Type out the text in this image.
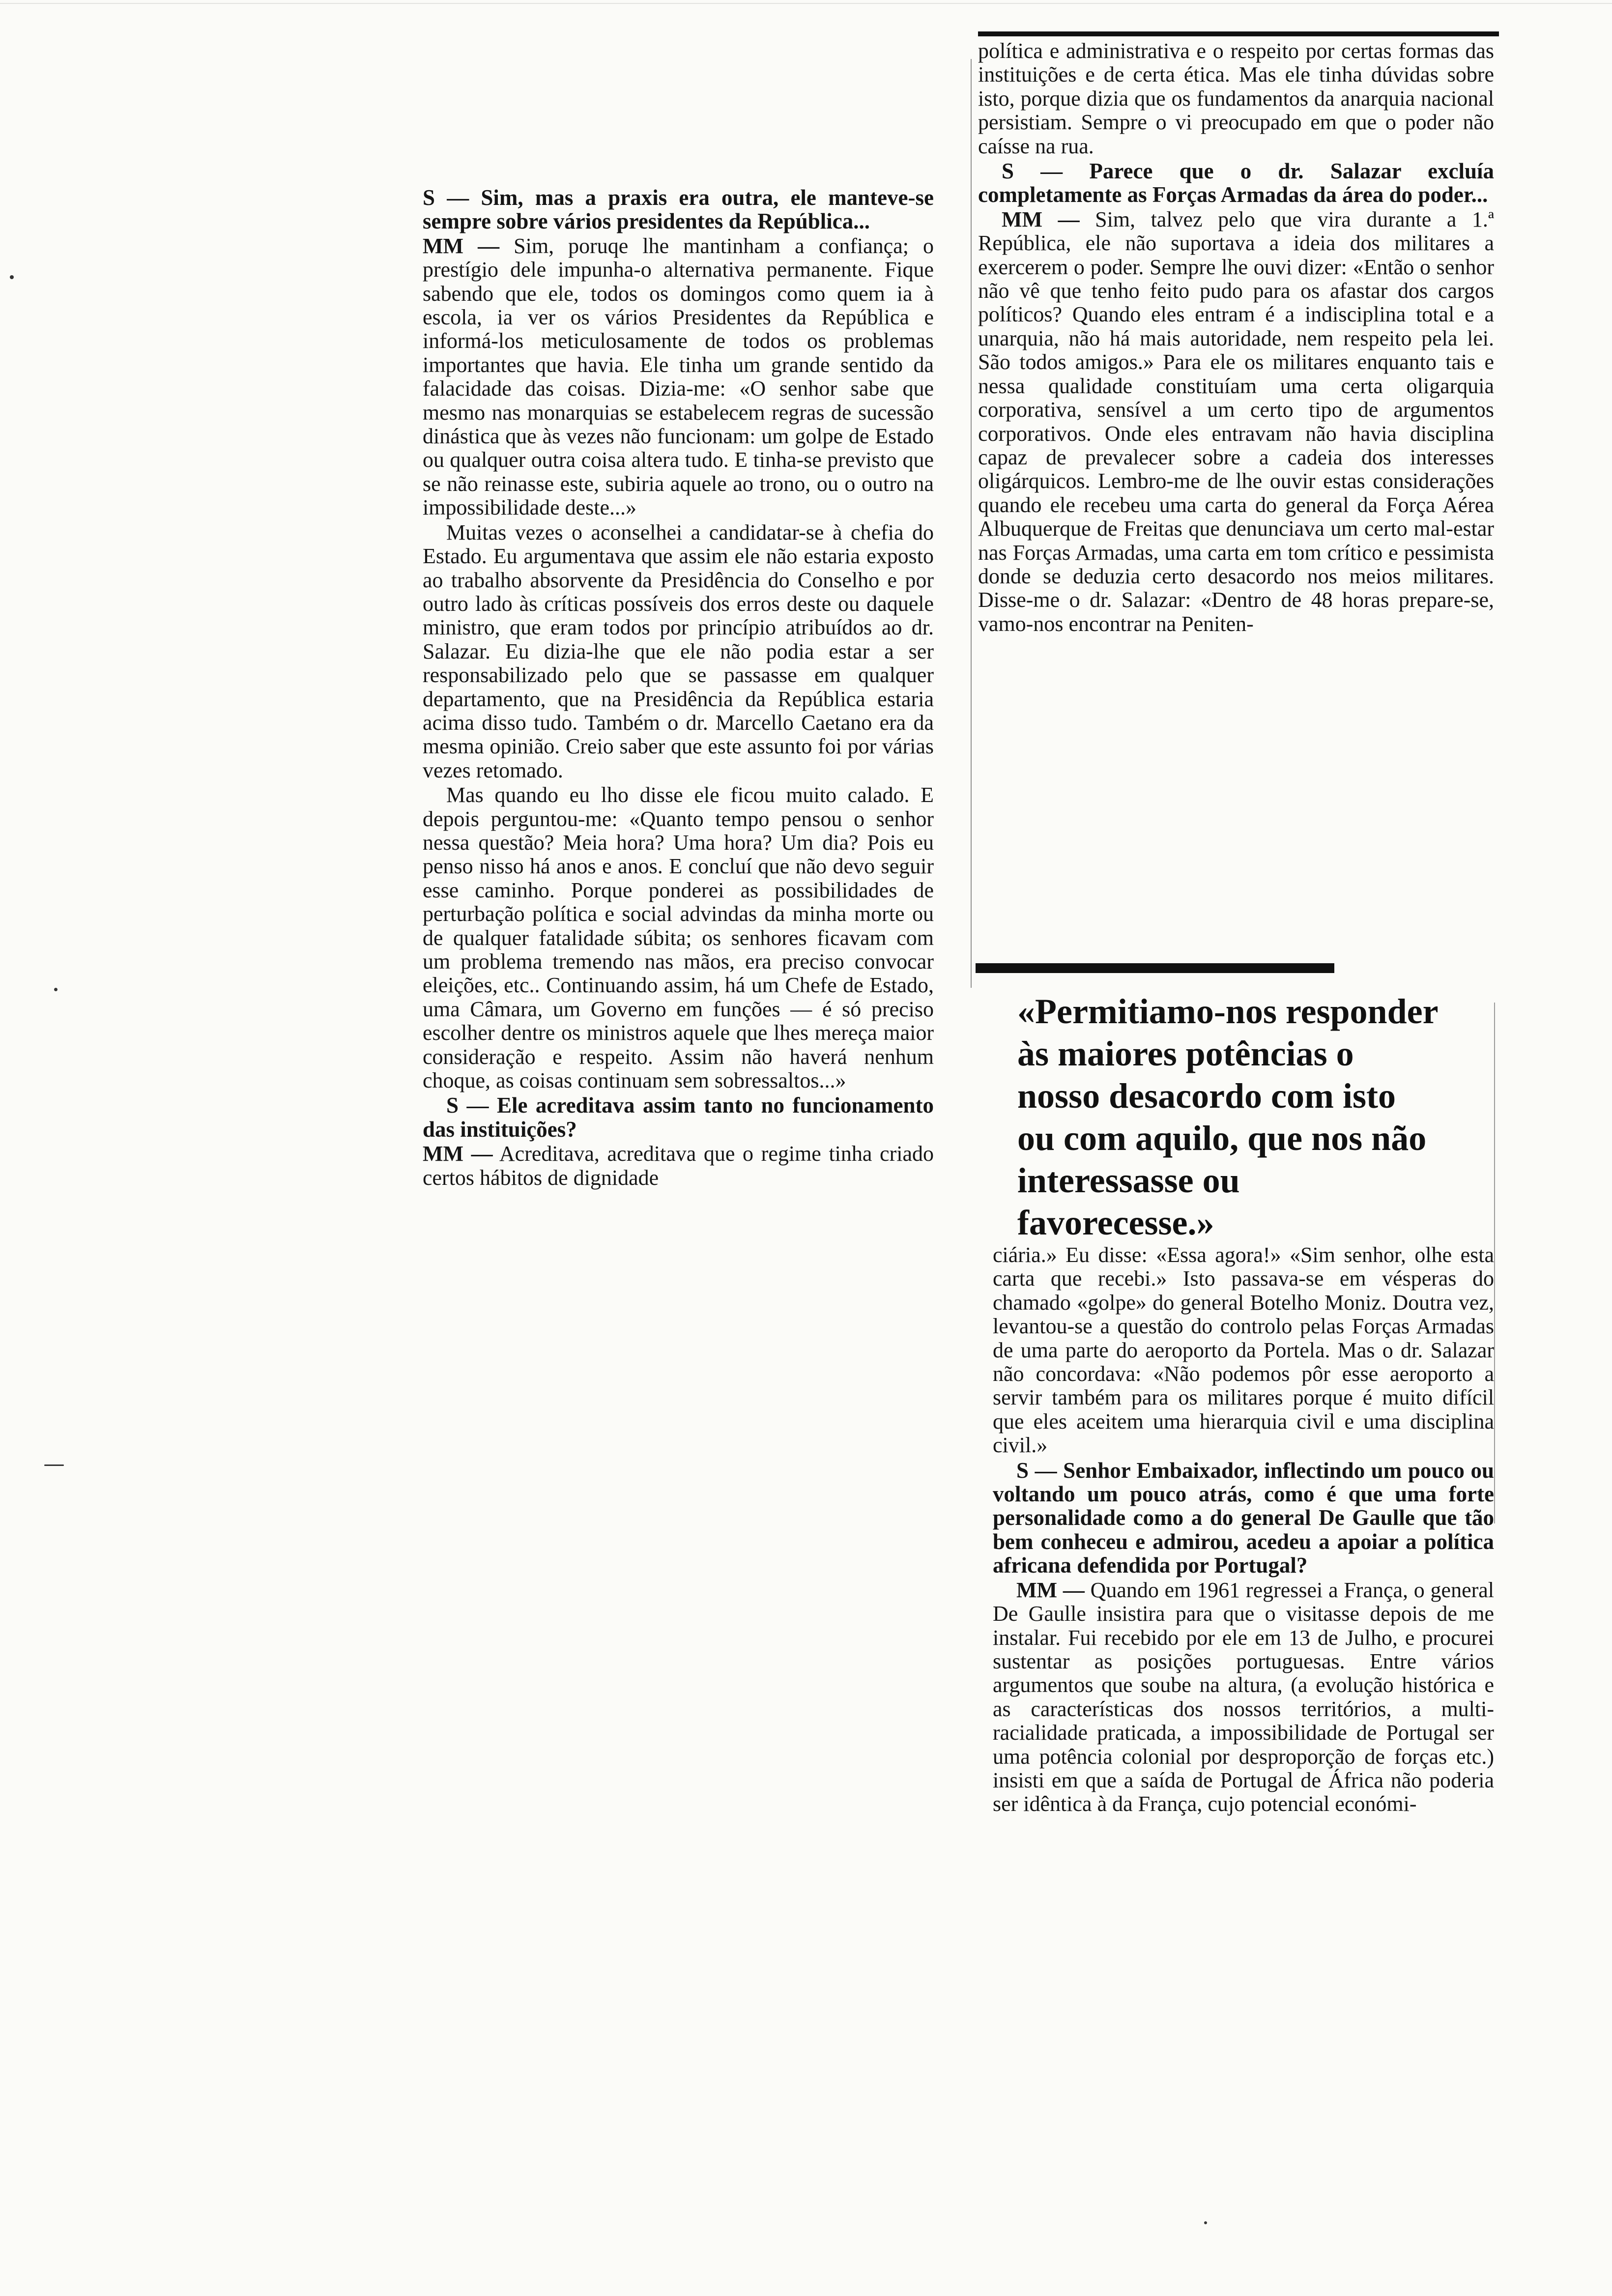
S — Sim, mas a praxis era outra, ele manteve-se sempre sobre vários presidentes da República...

MM — Sim, poruqe lhe mantinham a confiança; o prestígio dele impunha-o alternativa permanente. Fique sabendo que ele, todos os domingos como quem ia à escola, ia ver os vários Presidentes da República e informá-los meticulosamente de todos os problemas importantes que havia. Ele tinha um grande sentido da falacidade das coisas. Dizia-me: «O senhor sabe que mesmo nas monarquias se estabelecem regras de sucessão dinástica que às vezes não funcionam: um golpe de Estado ou qualquer outra coisa altera tudo. E tinha-se previsto que se não reinasse este, subiria aquele ao trono, ou o outro na impossibilidade deste...»

Muitas vezes o aconselhei a candidatar-se à chefia do Estado. Eu argumentava que assim ele não estaria exposto ao trabalho absorvente da Presidência do Conselho e por outro lado às críticas possíveis dos erros deste ou daquele ministro, que eram todos por princípio atribuídos ao dr. Salazar. Eu dizia-lhe que ele não podia estar a ser responsabilizado pelo que se passasse em qualquer departamento, que na Presidência da República estaria acima disso tudo. Também o dr. Marcello Caetano era da mesma opinião. Creio saber que este assunto foi por várias vezes retomado.

Mas quando eu lho disse ele ficou muito calado. E depois perguntou-me: «Quanto tempo pensou o senhor nessa questão? Meia hora? Uma hora? Um dia? Pois eu penso nisso há anos e anos. E concluí que não devo seguir esse caminho. Porque ponderei as possibilidades de perturbação política e social advindas da minha morte ou de qualquer fatalidade súbita; os senhores ficavam com um problema tremendo nas mãos, era preciso convocar eleições, etc.. Continuando assim, há um Chefe de Estado, uma Câmara, um Governo em funções — é só preciso escolher dentre os ministros aquele que lhes mereça maior consideração e respeito. Assim não haverá nenhum choque, as coisas continuam sem sobressaltos...»

S — Ele acreditava assim tanto no funcionamento das instituições?

MM — Acreditava, acreditava que o regime tinha criado certos hábitos de dignidade

política e administrativa e o respeito por certas formas das instituições e de certa ética. Mas ele tinha dúvidas sobre isto, porque dizia que os fundamentos da anarquia nacional persistiam. Sempre o vi preocupado em que o poder não caísse na rua.

S — Parece que o dr. Salazar excluía completamente as Forças Armadas da área do poder...

MM — Sim, talvez pelo que vira durante a 1.ª República, ele não suportava a ideia dos militares a exercerem o poder. Sempre lhe ouvi dizer: «Então o senhor não vê que tenho feito pudo para os afastar dos cargos políticos? Quando eles entram é a indisciplina total e a unarquia, não há mais autoridade, nem respeito pela lei. São todos amigos.» Para ele os militares enquanto tais e nessa qualidade constituíam uma certa oligarquia corporativa, sensível a um certo tipo de argumentos corporativos. Onde eles entravam não havia disciplina capaz de prevalecer sobre a cadeia dos interesses oligárquicos. Lembro-me de lhe ouvir estas considerações quando ele recebeu uma carta do general da Força Aérea Albuquerque de Freitas que denunciava um certo mal-estar nas Forças Armadas, uma carta em tom crítico e pessimista donde se deduzia certo desacordo nos meios militares. Disse-me o dr. Salazar: «Dentro de 48 horas prepare-se, vamo-nos encontrar na Peniten-

«Permitiamo-nos responder
às maiores potências o
nosso desacordo com isto
ou com aquilo, que nos não
interessasse ou
favorecesse.»

ciária.» Eu disse: «Essa agora!» «Sim senhor, olhe esta carta que recebi.» Isto passava-se em vésperas do chamado «golpe» do general Botelho Moniz. Doutra vez, levantou-se a questão do controlo pelas Forças Armadas de uma parte do aeroporto da Portela. Mas o dr. Salazar não concordava: «Não podemos pôr esse aeroporto a servir também para os militares porque é muito difícil que eles aceitem uma hierarquia civil e uma disciplina civil.»

S — Senhor Embaixador, inflectindo um pouco ou voltando um pouco atrás, como é que uma forte personalidade como a do general De Gaulle que tão bem conheceu e admirou, acedeu a apoiar a política africana defendida por Portugal?

MM — Quando em 1961 regressei a França, o general De Gaulle insistira para que o visitasse depois de me instalar. Fui recebido por ele em 13 de Julho, e procurei sustentar as posições portuguesas. Entre vários argumentos que soube na altura, (a evolução histórica e as características dos nossos territórios, a multi-racialidade praticada, a impossibilidade de Portugal ser uma potência colonial por desproporção de forças etc.) insisti em que a saída de Portugal de África não poderia ser idêntica à da França, cujo potencial económi-
